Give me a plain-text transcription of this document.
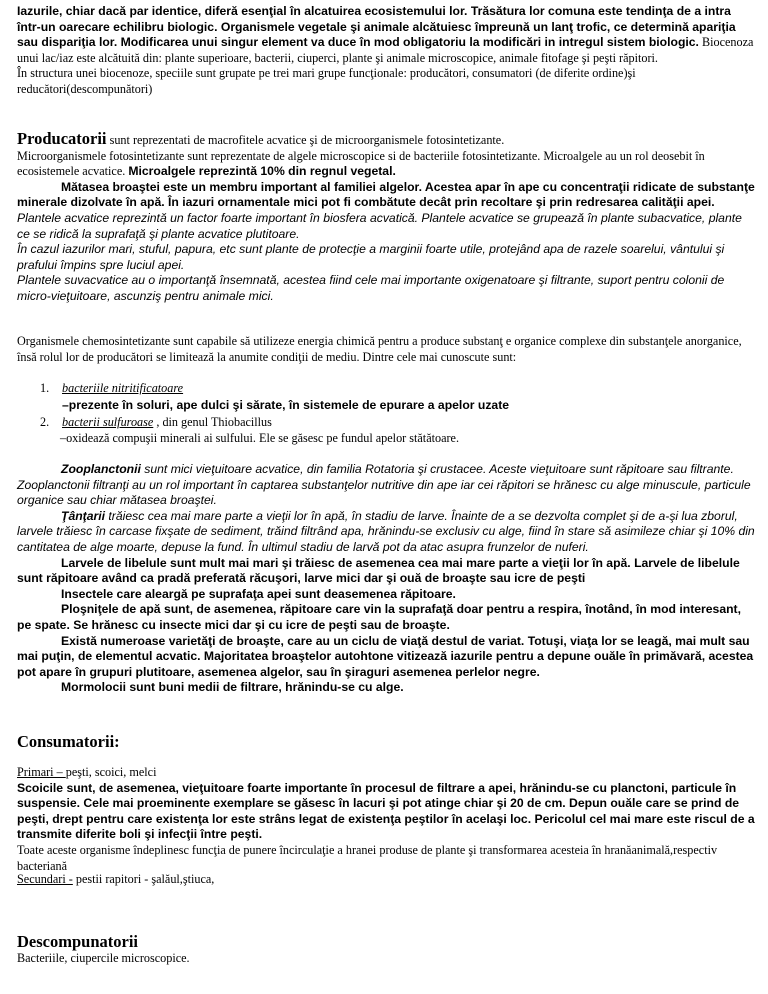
Iazurile, chiar dacă par identice, diferă esenţial în alcatuirea ecosistemului lor. Trăsătura lor comuna este tendinţa de a intra într-un oarecare echilibru biologic. Organismele vegetale şi animale alcătuiesc împreună un lanţ trofic, ce determină apariţia sau dispariţia lor. Modificarea unui singur element va duce în mod obligatoriu la modificări in intregul sistem biologic. Biocenoza unui lac/iaz este alcătuită din: plante superioare, bacterii, ciuperci, plante şi animale microscopice, animale fitofage şi peşti răpitori.
În structura unei biocenoze, speciile sunt grupate pe trei mari grupe funcţionale: producători, consumatori (de diferite ordine)şi reducători(descompunători)

Producatorii sunt reprezentati de macrofitele acvatice şi de microorganismele fotosintetizante.
Microorganismele fotosintetizante sunt reprezentate de algele microscopice si de bacteriile fotosintetizante. Microalgele au un rol deosebit în ecosistemele acvatice. Microalgele reprezintă 10% din regnul vegetal.
Mătasea broaştei este un membru important al familiei algelor. Acestea apar în ape cu concentraţii ridicate de substanţe minerale dizolvate în apă. În iazuri ornamentale mici pot fi combătute decât prin recoltare şi prin redresarea calităţii apei.
Plantele acvatice reprezintă un factor foarte important în biosfera acvatică. Plantele acvatice se grupează în plante subacvatice, plante ce se ridică la suprafaţă şi plante acvatice plutitoare.
În cazul iazurilor mari, stuful, papura, etc sunt plante de protecţie a marginii foarte utile, protejând apa de razele soarelui, vântului şi prafului împins spre luciul apei.
Plantele suvacvatice au o importanţă însemnată, acestea fiind cele mai importante oxigenatoare şi filtrante, suport pentru colonii de micro-vieţuitoare, ascunziş pentru animale mici.

Organismele chemosintetizante sunt capabile să utilizeze energia chimică pentru a produce substanţ e organice complexe din substanţele anorganice, însă rolul lor de producători se limitează la anumite condiţii de mediu. Dintre cele mai cunoscute sunt:

1. bacteriile nitritificatoare
–prezente în soluri, ape dulci şi sărate, în sistemele de epurare a apelor uzate
2. bacterii sulfuroase , din genul Thiobacillus
–oxidează compuşii minerali ai sulfului. Ele se găsesc pe fundul apelor stătătoare.

Zooplanctonii sunt mici vieţuitoare acvatice, din familia Rotatoria şi crustacee. Aceste vieţuitoare sunt răpitoare sau filtrante. Zooplanctonii filtranţi au un rol important în captarea substanţelor nutritive din ape iar cei răpitori se hrănesc cu alge minuscule, particule organice sau chiar mătasea broaştei.
Ţânţarii trăiesc cea mai mare parte a vieţii lor în apă, în stadiu de larve. Înainte de a se dezvolta complet şi de a-şi lua zborul, larvele trăiesc în carcase fixşate de sediment, trăind filtrând apa, hrănindu-se exclusiv cu alge, fiind în stare să asimileze chiar şi 10% din cantitatea de alge moarte, depuse la fund. În ultimul stadiu de larvă pot da atac asupra frunzelor de nuferi.
Larvele de libelule sunt mult mai mari şi trăiesc de asemenea cea mai mare parte a vieţii lor în apă. Larvele de libelule sunt răpitoare având ca pradă preferată răcuşori, larve mici dar şi ouă de broaşte sau icre de peşti
Insectele care aleargă pe suprafaţa apei sunt deasemenea răpitoare.
Ploşniţele de apă sunt, de asemenea, răpitoare care vin la suprafaţă doar pentru a respira, înotând, în mod interesant, pe spate. Se hrănesc cu insecte mici dar şi cu icre de peşti sau de broaşte.
Există numeroase varietăţi de broaşte, care au un ciclu de viaţă destul de variat. Totuşi, viaţa lor se leagă, mai mult sau mai puţin, de elementul acvatic. Majoritatea broaştelor autohtone vitizează iazurile pentru a depune ouăle în primăvară, acestea pot apare în grupuri plutitoare, asemenea algelor, sau în şiraguri asemenea perlelor negre.
Mormolocii sunt buni medii de filtrare, hrănindu-se cu alge.

Consumatorii:

Primari – peşti, scoici, melci
Scoicile sunt, de asemenea, vieţuitoare foarte importante în procesul de filtrare a apei, hrănindu-se cu planctoni, particule în suspensie. Cele mai proeminente exemplare se găsesc în lacuri şi pot atinge chiar şi 20 de cm. Depun ouăle care se prind de peşti, drept pentru care existenţa lor este strâns legat de existenţa peştilor în acelaşi loc. Pericolul cel mai mare este riscul de a transmite diferite boli şi infecţii între peşti.
Toate aceste organisme îndeplinesc funcţia de punere încirculaţie a hranei produse de plante şi transformarea acesteia în hranăanimală,respectiv bacteriană

Secundari - pestii rapitori - şalăul,ştiuca,

Descompunatorii

Bacteriile, ciupercile microscopice.
